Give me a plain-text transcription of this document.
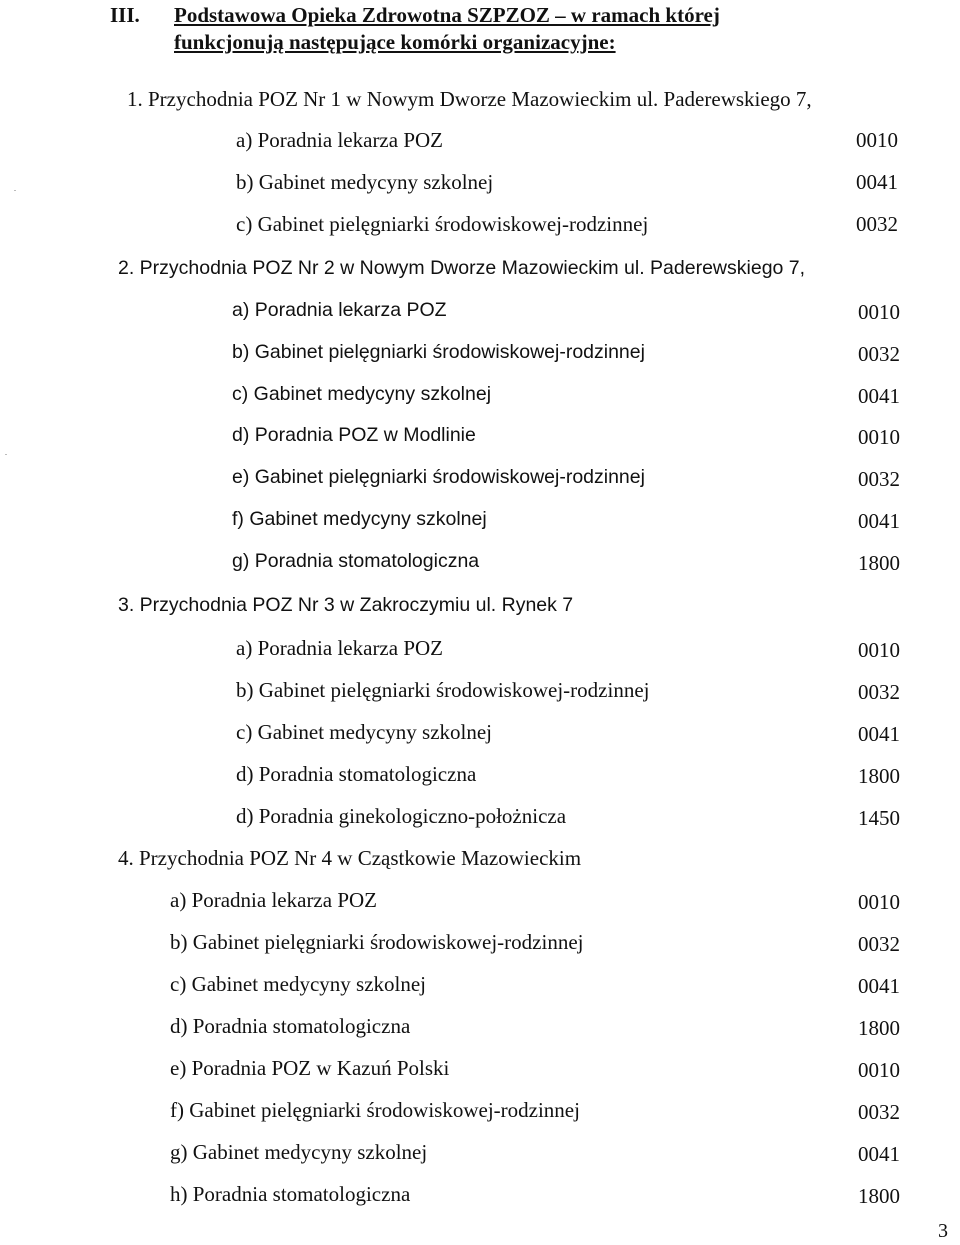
III. Podstawowa Opieka Zdrowotna SZPZOZ – w ramach której
funkcjonują następujące komórki organizacyjne:
1. Przychodnia POZ Nr 1 w Nowym Dworze Mazowieckim ul. Paderewskiego 7,
a) Poradnia lekarza POZ	0010
b) Gabinet medycyny szkolnej	0041
c) Gabinet pielęgniarki środowiskowej-rodzinnej	0032
2. Przychodnia POZ Nr 2 w Nowym Dworze Mazowieckim ul. Paderewskiego 7,
a) Poradnia lekarza POZ	0010
b) Gabinet pielęgniarki środowiskowej-rodzinnej	0032
c) Gabinet medycyny szkolnej	0041
d) Poradnia POZ w Modlinie	0010
e) Gabinet pielęgniarki środowiskowej-rodzinnej	0032
f) Gabinet medycyny szkolnej	0041
g) Poradnia stomatologiczna	1800
3. Przychodnia POZ Nr 3 w Zakroczymiu ul. Rynek 7
a) Poradnia lekarza POZ	0010
b) Gabinet pielęgniarki środowiskowej-rodzinnej	0032
c) Gabinet medycyny szkolnej	0041
d) Poradnia stomatologiczna	1800
d) Poradnia ginekologiczno-położnicza	1450
4. Przychodnia POZ Nr 4 w Cząstkowie Mazowieckim
a) Poradnia lekarza POZ	0010
b) Gabinet pielęgniarki środowiskowej-rodzinnej	0032
c) Gabinet medycyny szkolnej	0041
d) Poradnia stomatologiczna	1800
e) Poradnia POZ w Kazuń Polski	0010
f) Gabinet pielęgniarki środowiskowej-rodzinnej	0032
g) Gabinet medycyny szkolnej	0041
h) Poradnia stomatologiczna	1800
3
